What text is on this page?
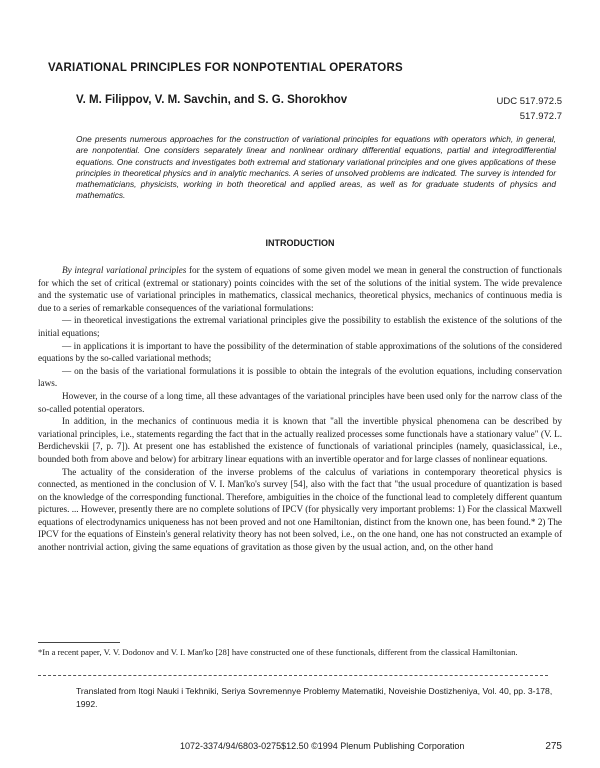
VARIATIONAL PRINCIPLES FOR NONPOTENTIAL OPERATORS
V. M. Filippov, V. M. Savchin, and S. G. Shorokhov	UDC 517.972.5
517.972.7
One presents numerous approaches for the construction of variational principles for equations with operators which, in general, are nonpotential. One considers separately linear and nonlinear ordinary differential equations, partial and integrodifferential equations. One constructs and investigates both extremal and stationary variational principles and one gives applications of these principles in theoretical physics and in analytic mechanics. A series of unsolved problems are indicated. The survey is intended for mathematicians, physicists, working in both theoretical and applied areas, as well as for graduate students of physics and mathematics.
INTRODUCTION

By integral variational principles for the system of equations of some given model we mean in general the construction of functionals for which the set of critical (extremal or stationary) points coincides with the set of the solutions of the initial system. The wide prevalence and the systematic use of variational principles in mathematics, classical mechanics, theoretical physics, mechanics of continuous media is due to a series of remarkable consequences of the variational formulations:

— in theoretical investigations the extremal variational principles give the possibility to establish the existence of the solutions of the initial equations;

— in applications it is important to have the possibility of the determination of stable approximations of the solutions of the considered equations by the so-called variational methods;

— on the basis of the variational formulations it is possible to obtain the integrals of the evolution equations, including conservation laws.

However, in the course of a long time, all these advantages of the variational principles have been used only for the narrow class of the so-called potential operators.

In addition, in the mechanics of continuous media it is known that "all the invertible physical phenomena can be described by variational principles, i.e., statements regarding the fact that in the actually realized processes some functionals have a stationary value" (V. L. Berdichevskii [7, p. 7]). At present one has established the existence of functionals of variational principles (namely, quasiclassical, i.e., bounded both from above and below) for arbitrary linear equations with an invertible operator and for large classes of nonlinear equations.

The actuality of the consideration of the inverse problems of the calculus of variations in contemporary theoretical physics is connected, as mentioned in the conclusion of V. I. Man'ko's survey [54], also with the fact that "the usual procedure of quantization is based on the knowledge of the corresponding functional. Therefore, ambiguities in the choice of the functional lead to completely different quantum pictures. ... However, presently there are no complete solutions of IPCV (for physically very important problems: 1) For the classical Maxwell equations of electrodynamics uniqueness has not been proved and not one Hamiltonian, distinct from the known one, has been found.* 2) The IPCV for the equations of Einstein's general relativity theory has not been solved, i.e., on the one hand, one has not constructed an example of another nontrivial action, giving the same equations of gravitation as those given by the usual action, and, on the other hand

*In a recent paper, V. V. Dodonov and V. I. Man'ko [28] have constructed one of these functionals, different from the classical Hamiltonian.
Translated from Itogi Nauki i Tekhniki, Seriya Sovremennye Problemy Matematiki, Noveishie Dostizheniya, Vol. 40, pp. 3-178, 1992.
1072-3374/94/6803-0275$12.50 ©1994 Plenum Publishing Corporation	275
